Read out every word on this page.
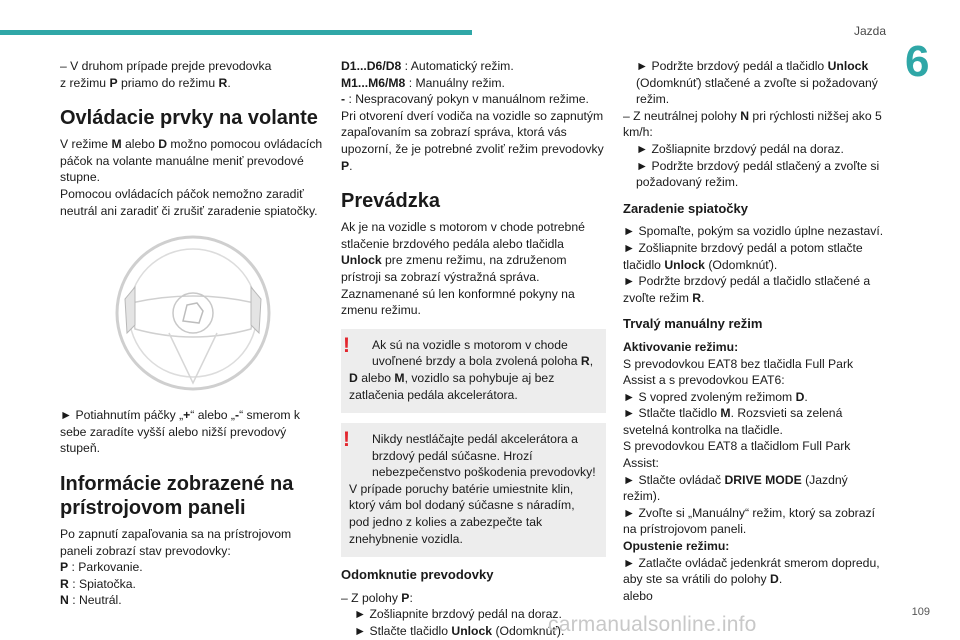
Jazda
6

– V druhom prípade prejde prevodovka
z režimu P priamo do režimu R.

Ovládacie prvky na volante

V režime M alebo D možno pomocou ovládacích páčok na volante manuálne meniť prevodové stupne.

Pomocou ovládacích páčok nemožno zaradiť neutrál ani zaradiť či zrušiť zaradenie spiatočky.

► Potiahnutím páčky „+“ alebo „-“ smerom k sebe zaradíte vyšší alebo nižší prevodový stupeň.

Informácie zobrazené na prístrojovom paneli

Po zapnutí zapaľovania sa na prístrojovom paneli zobrazí stav prevodovky:

P : Parkovanie.

R : Spiatočka.

N : Neutrál.

D1...D6/D8 : Automatický režim.

M1...M6/M8 : Manuálny režim.

- : Nespracovaný pokyn v manuálnom režime.

Pri otvorení dverí vodiča na vozidle so zapnutým zapaľovaním sa zobrazí správa, ktorá vás upozorní, že je potrebné zvoliť režim prevodovky P.

Prevádzka

Ak je na vozidle s motorom v chode potrebné stlačenie brzdového pedála alebo tlačidla Unlock pre zmenu režimu, na združenom prístroji sa zobrazí výstražná správa.

Zaznamenané sú len konformné pokyny na zmenu režimu.

!	Ak sú na vozidle s motorom v chode uvoľnené brzdy a bola zvolená poloha R,

D alebo M, vozidlo sa pohybuje aj bez zatlačenia pedála akcelerátora.

!	Nikdy nestláčajte pedál akcelerátora a brzdový pedál súčasne. Hrozí nebezpečenstvo poškodenia prevodovky!

V prípade poruchy batérie umiestnite klin, ktorý vám bol dodaný súčasne s náradím, pod jedno z kolies a zabezpečte tak znehybnenie vozidla.

Odomknutie prevodovky

– Z polohy P:

► Zošliapnite brzdový pedál na doraz.

► Stlačte tlačidlo Unlock (Odomknúť).

► Podržte brzdový pedál a tlačidlo Unlock (Odomknúť) stlačené a zvoľte si požadovaný režim.

– Z neutrálnej polohy N pri rýchlosti nižšej ako 5 km/h:

► Zošliapnite brzdový pedál na doraz.

► Podržte brzdový pedál stlačený a zvoľte si požadovaný režim.

Zaradenie spiatočky

► Spomaľte, pokým sa vozidlo úplne nezastaví.

► Zošliapnite brzdový pedál a potom stlačte tlačidlo Unlock (Odomknúť).

► Podržte brzdový pedál a tlačidlo stlačené a zvoľte režim R.

Trvalý manuálny režim

Aktivovanie režimu:

S prevodovkou EAT8 bez tlačidla Full Park Assist a s prevodovkou EAT6:

► S vopred zvoleným režimom D.

► Stlačte tlačidlo M. Rozsvieti sa zelená svetelná kontrolka na tlačidle.

S prevodovkou EAT8 a tlačidlom Full Park Assist:

► Stlačte ovládač DRIVE MODE (Jazdný režim).

► Zvoľte si „Manuálny“ režim, ktorý sa zobrazí na prístrojovom paneli.

Opustenie režimu:

► Zatlačte ovládač jedenkrát smerom dopredu, aby ste sa vrátili do polohy D.

alebo

109
carmanualsonline.info
